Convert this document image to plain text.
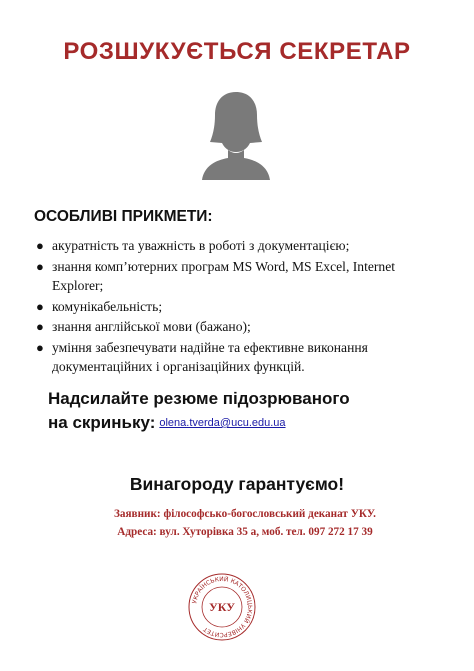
РОЗШУКУЄТЬСЯ СЕКРЕТАР
ОСОБЛИВІ ПРИКМЕТИ:
● акуратність та уважність в роботі з документацією;
● знання комп’ютерних програм MS Word, MS Excel, Internet Explorer;
● комунікабельність;
● знання англійської мови (бажано);
● уміння забезпечувати надійне та ефективне виконання документаційних і організаційних функцій.
Надсилайте резюме підозрюваного
на скриньку: olena.tverda@ucu.edu.ua
Винагороду гарантуємо!
Заявник: філософсько-богословський деканат УКУ.
Адреса: вул. Хуторівка 35 а, моб. тел. 097 272 17 39
УКРАЇНСЬКИЙ КАТОЛИЦЬКИЙ УНІВЕРСИТЕТ
УКУ
